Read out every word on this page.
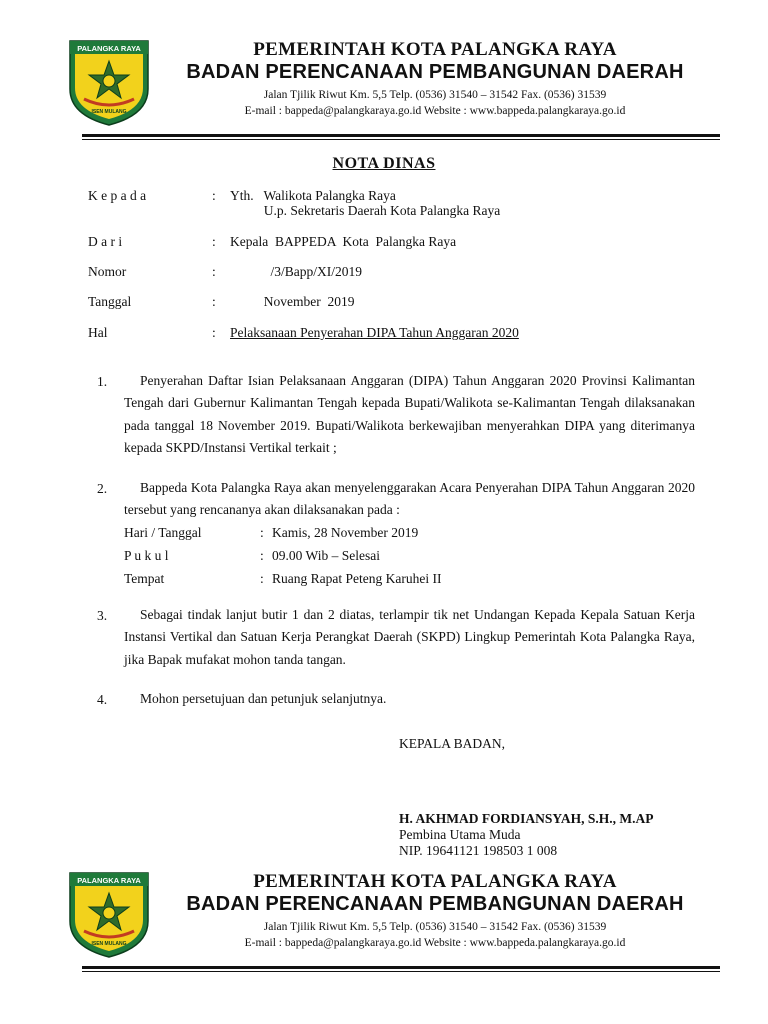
PALANGKA RAYA
ISEN MULANG
PEMERINTAH KOTA PALANGKA RAYA
BADAN PERENCANAAN PEMBANGUNAN DAERAH
Jalan Tjilik Riwut Km. 5,5 Telp. (0536) 31540 – 31542 Fax. (0536) 31539
E-mail : bappeda@palangkaraya.go.id Website : www.bappeda.palangkaraya.go.id
NOTA DINAS
K e p a d a	: Yth.   Walikota Palangka Raya
U.p. Sekretaris Daerah Kota Palangka Raya
D a r i	: Kepala  BAPPEDA  Kota  Palangka Raya
Nomor	: /3/Bapp/XI/2019
Tanggal	: November  2019
Hal	: Pelaksanaan Penyerahan DIPA Tahun Anggaran 2020
1.	Penyerahan Daftar Isian Pelaksanaan Anggaran (DIPA) Tahun Anggaran 2020 Provinsi Kalimantan Tengah dari Gubernur Kalimantan Tengah kepada Bupati/Walikota se-Kalimantan Tengah dilaksanakan pada tanggal 18 November 2019. Bupati/Walikota berkewajiban menyerahkan DIPA yang diterimanya kepada SKPD/Instansi Vertikal terkait ;
2.	Bappeda Kota Palangka Raya akan menyelenggarakan Acara Penyerahan DIPA Tahun Anggaran 2020 tersebut yang rencananya akan dilaksanakan pada :
Hari / Tanggal	: Kamis, 28 November 2019
P u k u l	: 09.00 Wib – Selesai
Tempat	: Ruang Rapat Peteng Karuhei II
3.	Sebagai tindak lanjut butir 1 dan 2 diatas, terlampir tik net Undangan Kepada Kepala Satuan Kerja Instansi Vertikal dan Satuan Kerja Perangkat Daerah (SKPD) Lingkup Pemerintah Kota Palangka Raya, jika Bapak mufakat mohon tanda tangan.
4.	Mohon persetujuan dan petunjuk selanjutnya.
KEPALA BADAN,
H. AKHMAD FORDIANSYAH, S.H., M.AP
Pembina Utama Muda
NIP. 19641121 198503 1 008
PALANGKA RAYA
ISEN MULANG
PEMERINTAH KOTA PALANGKA RAYA
BADAN PERENCANAAN PEMBANGUNAN DAERAH
Jalan Tjilik Riwut Km. 5,5 Telp. (0536) 31540 – 31542 Fax. (0536) 31539
E-mail : bappeda@palangkaraya.go.id Website : www.bappeda.palangkaraya.go.id
